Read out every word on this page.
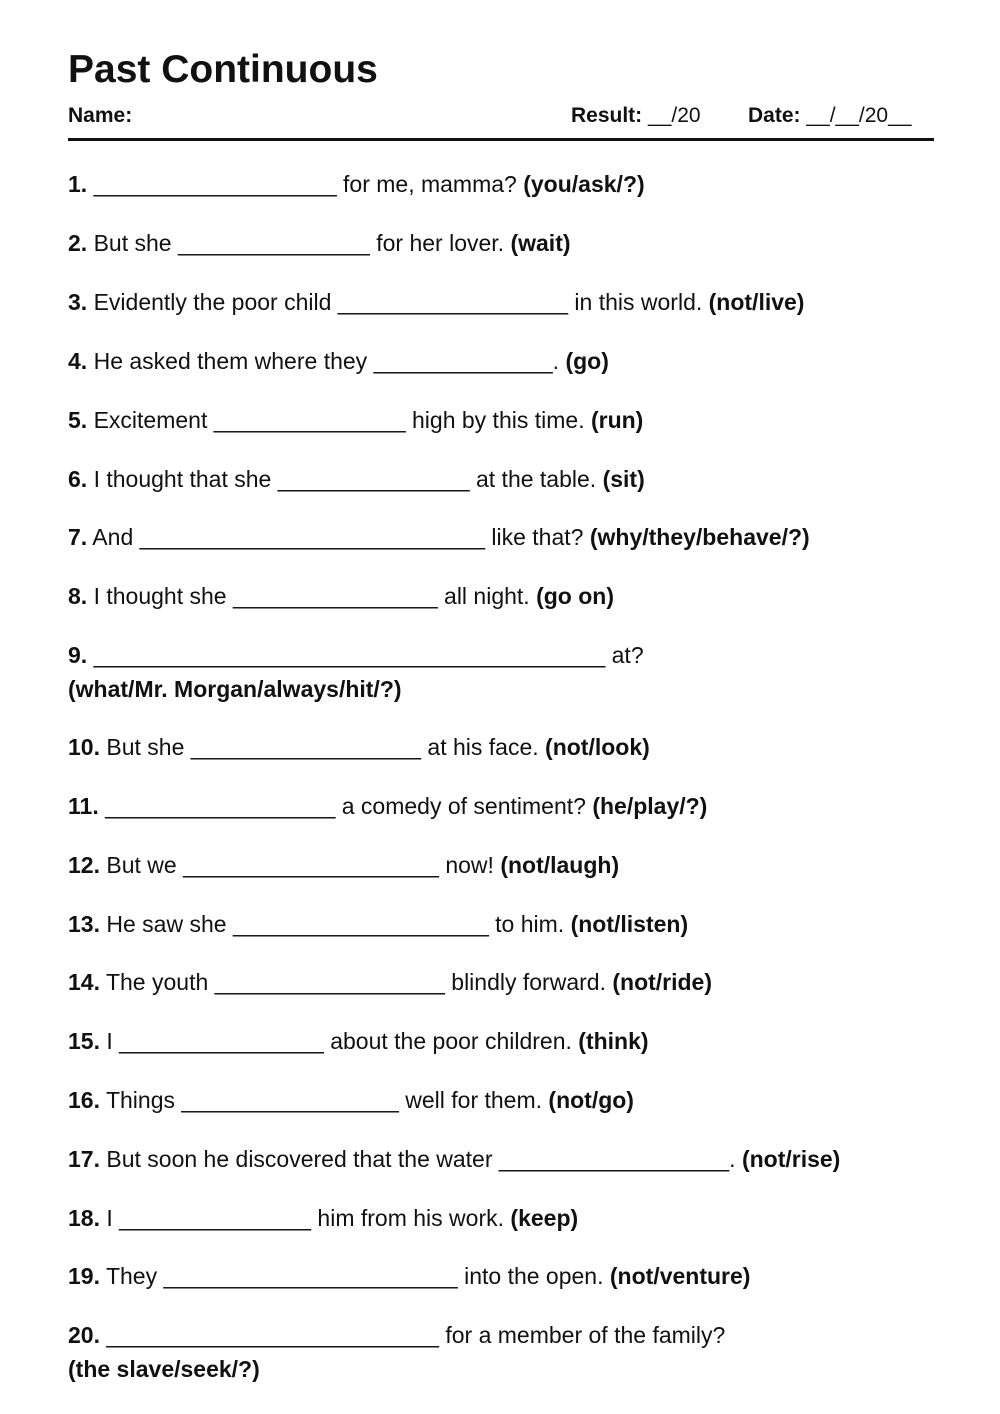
Past Continuous
Name:	Result: __/20 Date: __/__/20__

1. ___________________ for me, mamma? (you/ask/?)

2. But she _______________ for her lover. (wait)

3. Evidently the poor child __________________ in this world. (not/live)

4. He asked them where they ______________. (go)

5. Excitement _______________ high by this time. (run)

6. I thought that she _______________ at the table. (sit)

7. And ___________________________ like that? (why/they/behave/?)

8. I thought she ________________ all night. (go on)

9. ________________________________________ at?
(what/Mr. Morgan/always/hit/?)

10. But she __________________ at his face. (not/look)

11. __________________ a comedy of sentiment? (he/play/?)

12. But we ____________________ now! (not/laugh)

13. He saw she ____________________ to him. (not/listen)

14. The youth __________________ blindly forward. (not/ride)

15. I ________________ about the poor children. (think)

16. Things _________________ well for them. (not/go)

17. But soon he discovered that the water __________________. (not/rise)

18. I _______________ him from his work. (keep)

19. They _______________________ into the open. (not/venture)

20. __________________________ for a member of the family?
(the slave/seek/?)
